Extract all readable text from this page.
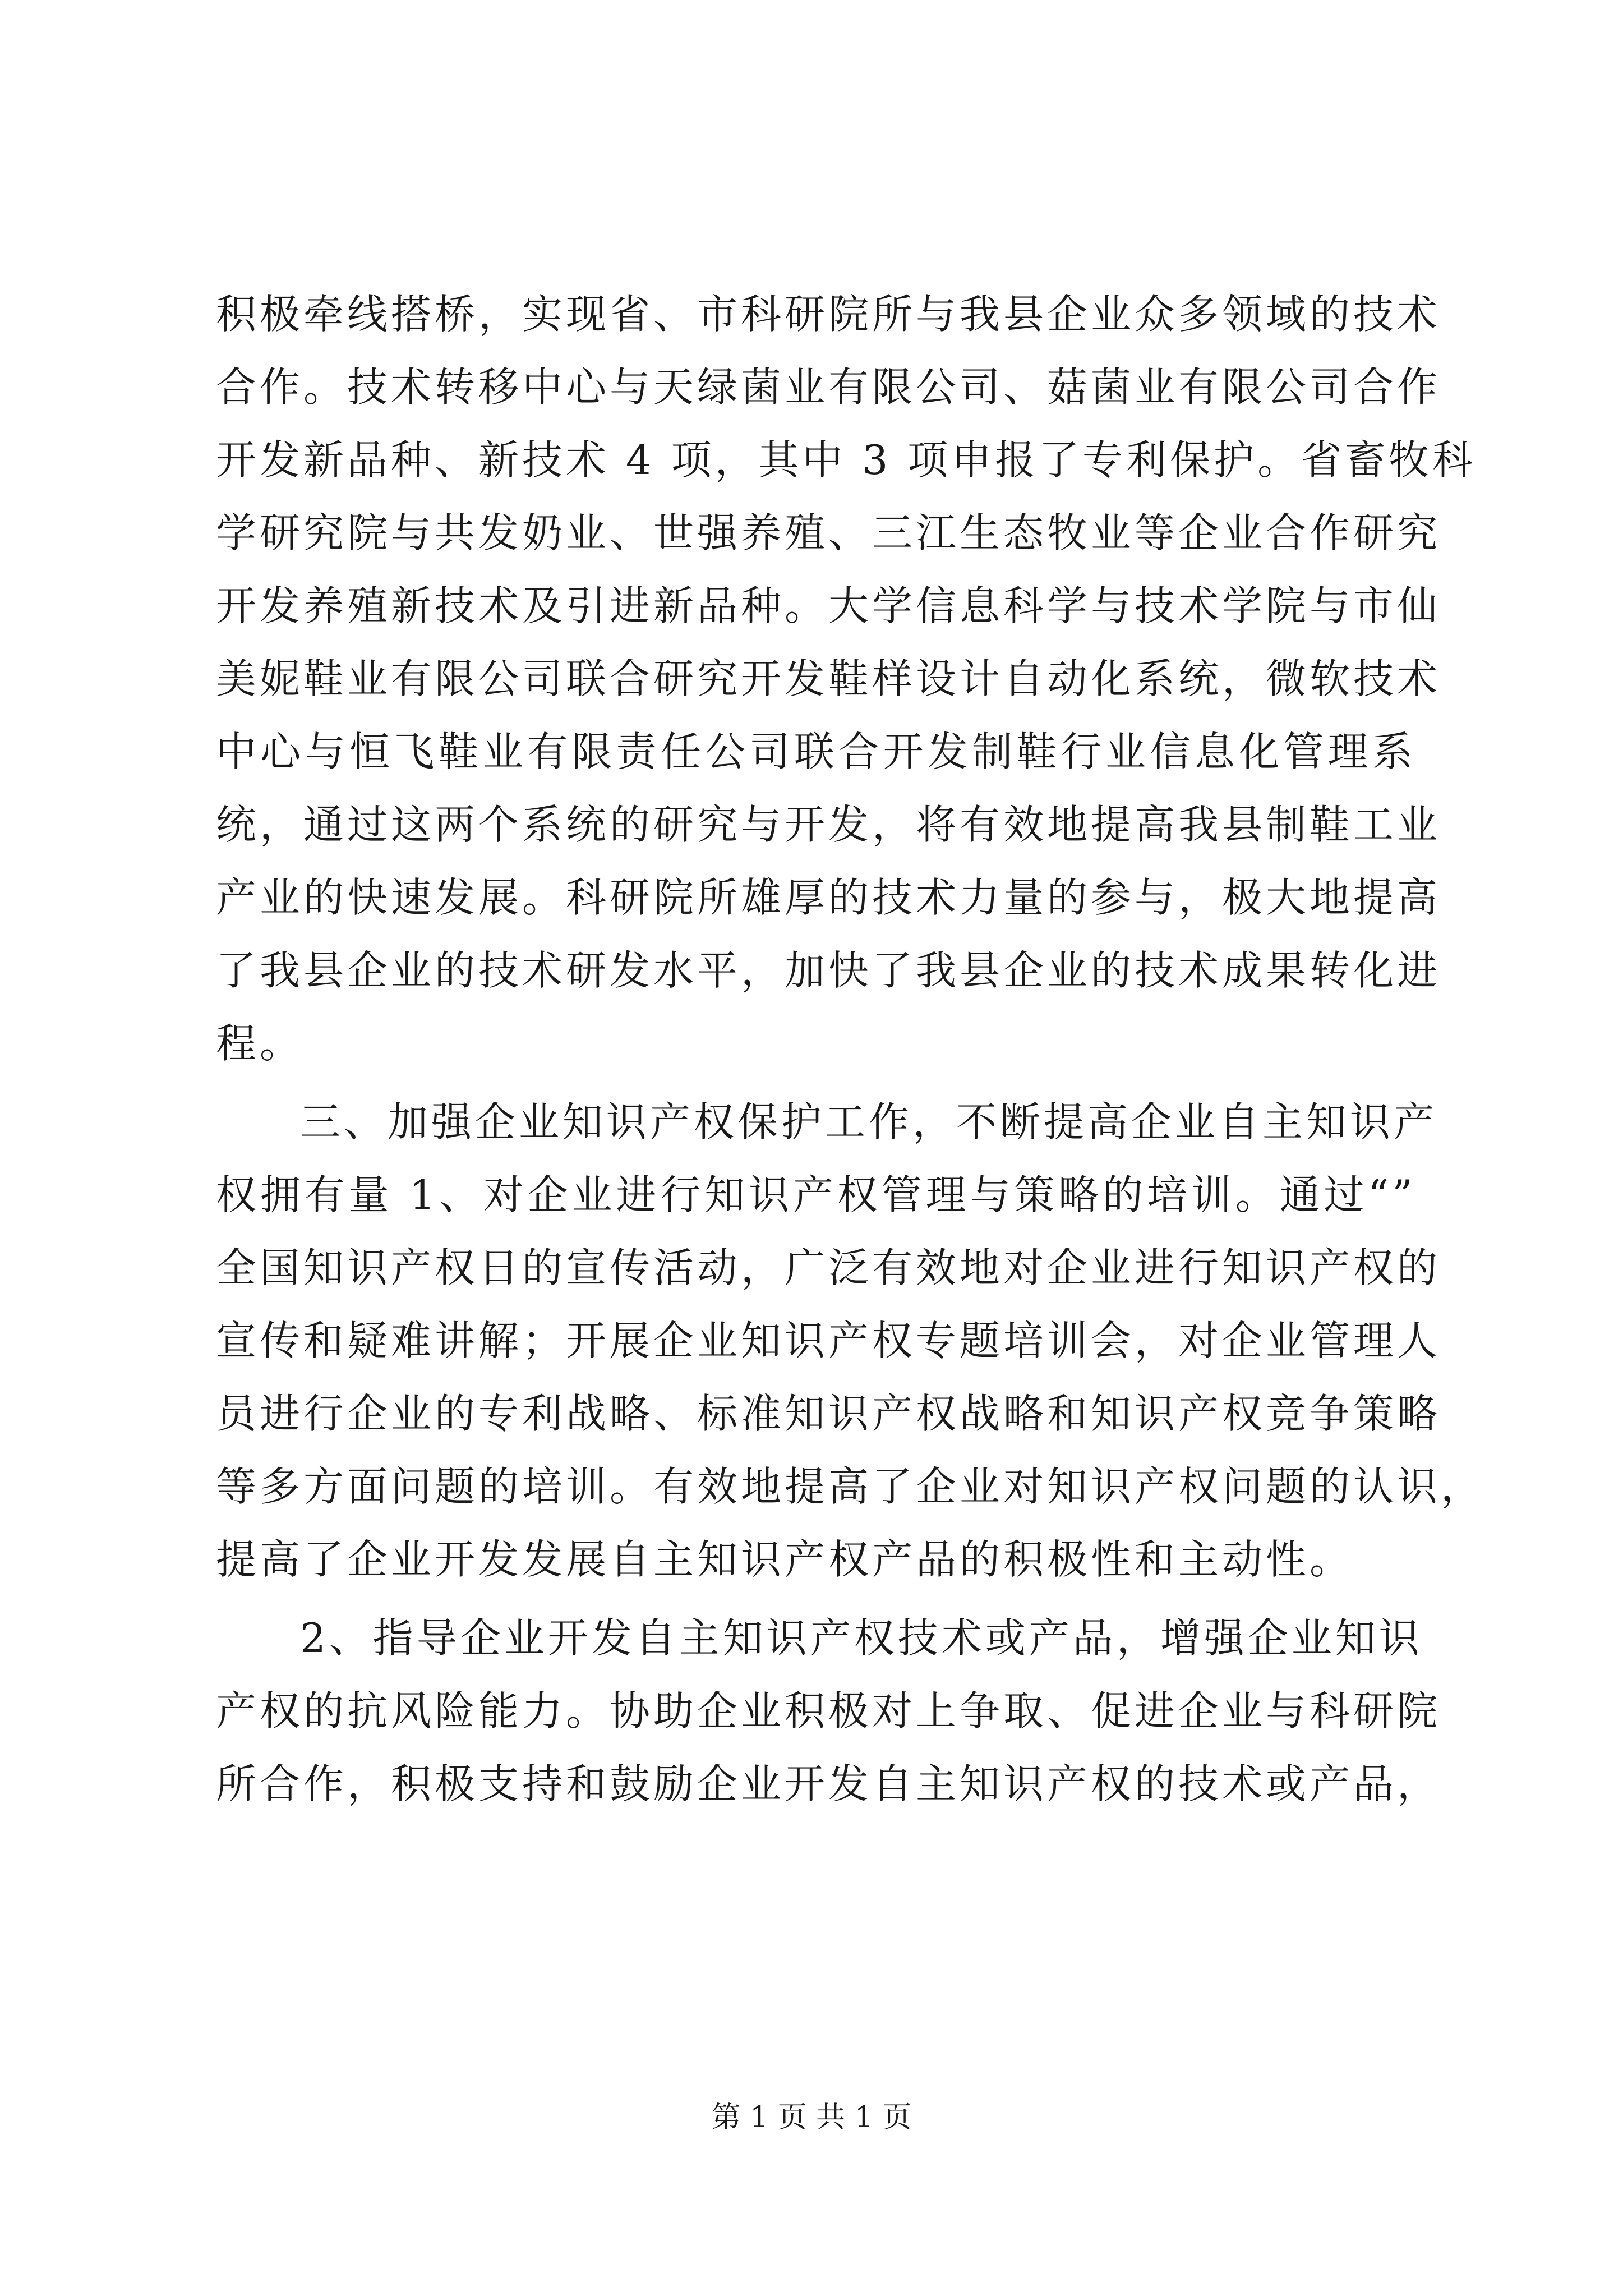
积极牵线搭桥，实现省、市科研院所与我县企业众多领域的技术

合作。技术转移中心与天绿菌业有限公司、菇菌业有限公司合作

开发新品种、新技术 4 项，其中 3 项申报了专利保护。省畜牧科

学研究院与共发奶业、世强养殖、三江生态牧业等企业合作研究

开发养殖新技术及引进新品种。大学信息科学与技术学院与市仙

美妮鞋业有限公司联合研究开发鞋样设计自动化系统，微软技术

中心与恒飞鞋业有限责任公司联合开发制鞋行业信息化管理系

统，通过这两个系统的研究与开发，将有效地提高我县制鞋工业

产业的快速发展。科研院所雄厚的技术力量的参与，极大地提高

了我县企业的技术研发水平，加快了我县企业的技术成果转化进

程。

三、加强企业知识产权保护工作，不断提高企业自主知识产

权拥有量 1、对企业进行知识产权管理与策略的培训。通过“”

全国知识产权日的宣传活动，广泛有效地对企业进行知识产权的

宣传和疑难讲解；开展企业知识产权专题培训会，对企业管理人

员进行企业的专利战略、标准知识产权战略和知识产权竞争策略

等多方面问题的培训。有效地提高了企业对知识产权问题的认识，

提高了企业开发发展自主知识产权产品的积极性和主动性。

2、指导企业开发自主知识产权技术或产品，增强企业知识

产权的抗风险能力。协助企业积极对上争取、促进企业与科研院

所合作，积极支持和鼓励企业开发自主知识产权的技术或产品，

第 1 页 共 1 页
